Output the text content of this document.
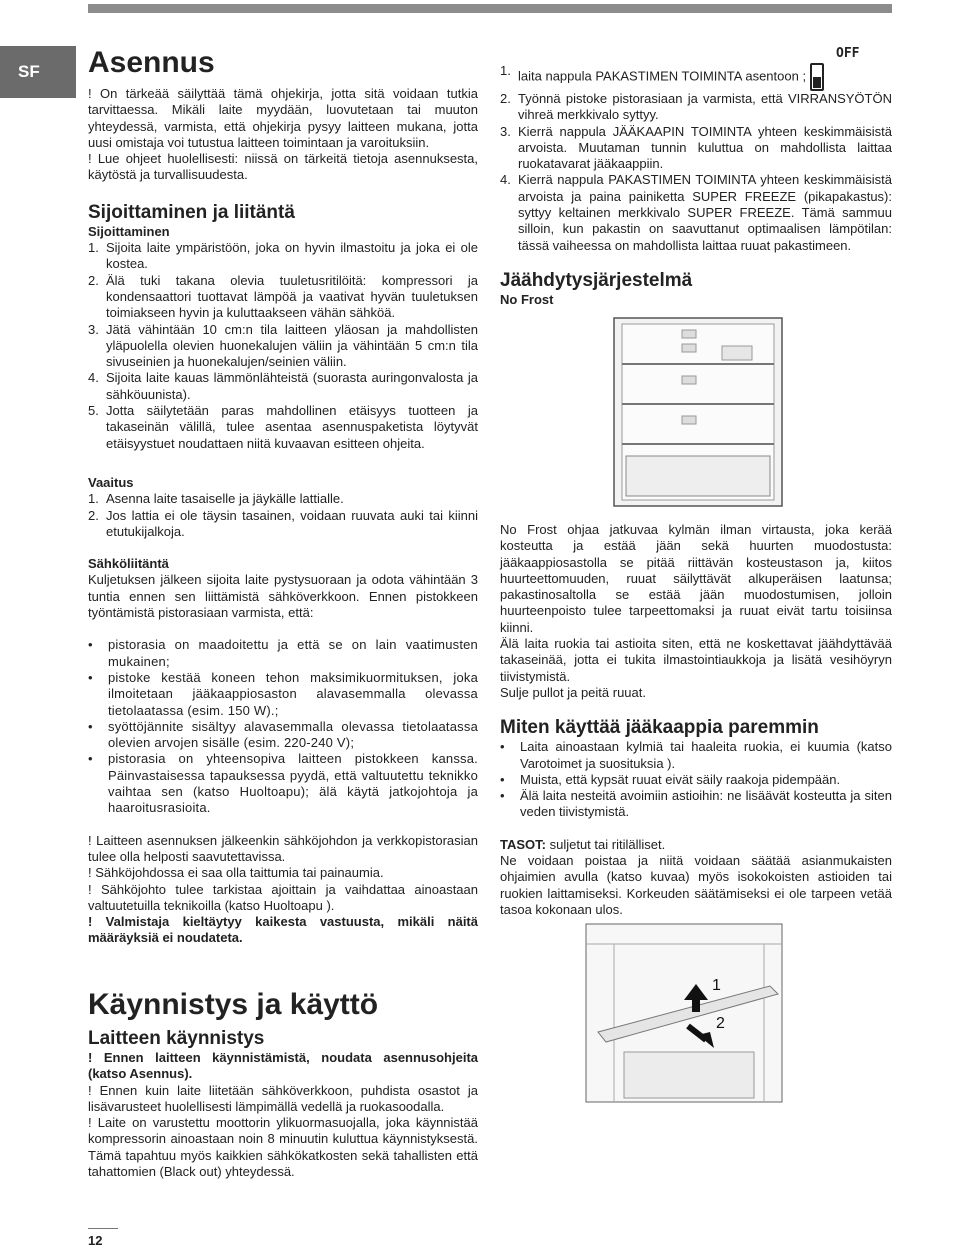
SF	Asennus

! On tärkeää säilyttää tämä ohjekirja, jotta sitä voidaan tutkia tarvittaessa. Mikäli laite myydään, luovutetaan tai muuton yhteydessä, varmista, että ohjekirja pysyy laitteen mukana, jotta uusi omistaja voi tutustua laitteen toimintaan ja varoituksiin.

! Lue ohjeet huolellisesti: niissä on tärkeitä tietoja asennuksesta, käytöstä ja turvallisuudesta.

Sijoittaminen ja liitäntä
Sijoittaminen
1. Sijoita laite ympäristöön, joka on hyvin ilmastoitu ja joka ei ole kostea.
2. Älä tuki takana olevia tuuletusritilöitä: kompressori ja kondensaattori tuottavat lämpöä ja vaativat hyvän tuuletuksen toimiakseen hyvin ja kuluttaakseen vähän sähköä.
3. Jätä vähintään 10 cm:n tila laitteen yläosan ja mahdollisten yläpuolella olevien huonekalujen väliin ja vähintään 5 cm:n tila sivuseinien ja huonekalujen/seinien väliin.
4. Sijoita laite kauas lämmönlähteistä (suorasta auringonvalosta ja sähköuunista).
5. Jotta säilytetään paras mahdollinen etäisyys tuotteen ja takaseinän välillä, tulee asentaa asennuspaketista löytyvät etäisyystuet noudattaen niitä kuvaavan esitteen ohjeita.
Vaaitus
1. Asenna laite tasaiselle ja jäykälle lattialle.
2. Jos lattia ei ole täysin tasainen, voidaan ruuvata auki tai kiinni etutukijalkoja.
Sähköliitäntä

Kuljetuksen jälkeen sijoita laite pystysuoraan ja odota vähintään 3 tuntia ennen sen liittämistä sähköverkkoon. Ennen pistokkeen työntämistä pistorasiaan varmista, että:

•	pistorasia on maadoitettu ja että se on lain vaatimusten mukainen;
•	pistoke kestää koneen tehon maksimikuormituksen, joka ilmoitetaan jääkaappiosaston alavasemmalla olevassa tietolaatassa (esim. 150 W).;
•	syöttöjännite sisältyy alavasemmalla olevassa tietolaatassa olevien arvojen sisälle (esim. 220-240 V);
•	pistorasia on yhteensopiva laitteen pistokkeen kanssa. Päinvastaisessa tapauksessa pyydä, että valtuutettu teknikko vaihtaa sen (katso Huoltoapu); älä käytä jatkojohtoja ja haaroitusrasioita.

! Laitteen asennuksen jälkeenkin sähköjohdon ja verkkopistorasian tulee olla helposti saavutettavissa.

! Sähköjohdossa ei saa olla taittumia tai painaumia.

! Sähköjohto tulee tarkistaa ajoittain ja vaihdattaa ainoastaan valtuutetuilla teknikoilla (katso Huoltoapu ).

! Valmistaja kieltäytyy kaikesta vastuusta, mikäli näitä määräyksiä ei noudateta.

Käynnistys ja käyttö
Laitteen käynnistys

! Ennen laitteen käynnistämistä, noudata asennusohjeita (katso Asennus).

! Ennen kuin laite liitetään sähköverkkoon, puhdista osastot ja lisävarusteet huolellisesti lämpimällä vedellä ja ruokasoodalla.

! Laite on varustettu moottorin ylikuormasuojalla, joka käynnistää kompressorin ainoastaan noin 8 minuutin kuluttua käynnistyksestä. Tämä tapahtuu myös kaikkien sähkökatkosten sekä tahallisten että tahattomien (Black out) yhteydessä.

OFF
1. laita nappula PAKASTIMEN TOIMINTA asentoon ;
2. Työnnä pistoke pistorasiaan ja varmista, että VIRRANSYÖTÖN vihreä merkkivalo syttyy.
3. Kierrä nappula JÄÄKAAPIN TOIMINTA yhteen keskimmäisistä arvoista. Muutaman tunnin kuluttua on mahdollista laittaa ruokatavarat jääkaappiin.
4. Kierrä nappula PAKASTIMEN TOIMINTA yhteen keskimmäisistä arvoista ja paina painiketta SUPER FREEZE (pikapakastus): syttyy keltainen merkkivalo SUPER FREEZE. Tämä sammuu silloin, kun pakastin on saavuttanut optimaalisen lämpötilan: tässä vaiheessa on mahdollista laittaa ruuat pakastimeen.
Jäähdytysjärjestelmä
No Frost

No Frost ohjaa jatkuvaa kylmän ilman virtausta, joka kerää kosteutta ja estää jään sekä huurten muodostusta: jääkaappiosastolla se pitää riittävän kosteustason ja, kiitos huurteettomuuden, ruuat säilyttävät alkuperäisen laatunsa; pakastinosaltolla se estää jään muodostumisen, jolloin huurteenpoisto tulee tarpeettomaksi ja ruuat eivät tartu toisiinsa kiinni.

Älä laita ruokia tai astioita siten, että ne koskettavat jäähdyttävää takaseinää, jotta ei tukita ilmastointiaukkoja ja lisätä vesihöyryn tiivistymistä.

Sulje pullot ja peitä ruuat.

Miten käyttää jääkaappia paremmin
•	Laita ainoastaan kylmiä tai haaleita ruokia, ei kuumia (katso Varotoimet ja suosituksia ).
•	Muista, että kypsät ruuat eivät säily raakoja pidempään.
•	Älä laita nesteitä avoimiin astioihin: ne lisäävät kosteutta ja siten veden tiivistymistä.

TASOT: suljetut tai ritilälliset.

Ne voidaan poistaa ja niitä voidaan säätää asianmukaisten ohjaimien avulla (katso kuvaa) myös isokokoisten astioiden tai ruokien laittamiseksi. Korkeuden säätämiseksi ei ole tarpeen vetää tasoa kokonaan ulos.

1
2
12
